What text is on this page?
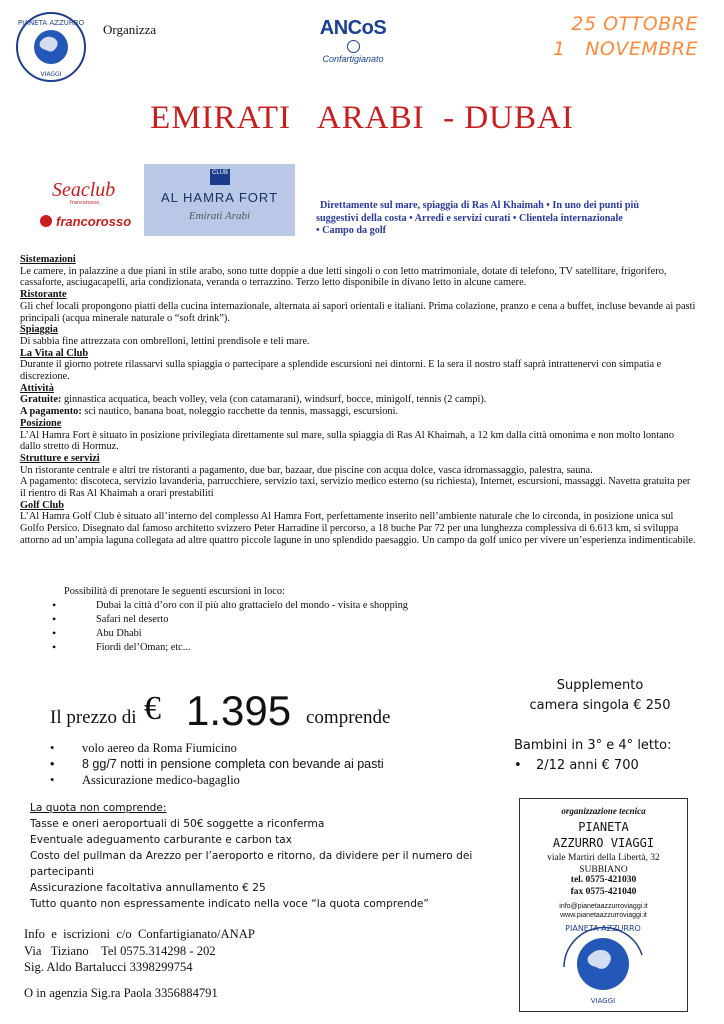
PIANETA AZZURRO
VIAGGI
Organizza	ANCoS
Confartigianato
25 OTTOBRE
1   NOVEMBRE
EMIRATI   ARABI  - DUBAI
Seaclub
francorosso
francorosso
CLUB
AL HAMRA FORT
Emirati Arabi
Direttamente sul mare, spiaggia di Ras Al Khaimah • In uno dei punti più
suggestivi della costa • Arredi e servizi curati • Clientela internazionale
• Campo da golf

Sistemazioni

Le camere, in palazzine a due piani in stile arabo, sono tutte doppie a due letti singoli o con letto matrimoniale, dotate di telefono, TV satellitare, frigorifero, cassaforte, asciugacapelli, aria condizionata, veranda o terrazzino. Terzo letto disponibile in divano letto in alcune camere.

Ristorante

Gli chef locali propongono piatti della cucina internazionale, alternata ai sapori orientali e italiani. Prima colazione, pranzo e cena a buffet, incluse bevande ai pasti principali (acqua minerale naturale o “soft drink”).

Spiaggia

Di sabbia fine attrezzata con ombrelloni, lettini prendisole e teli mare.

La Vita al Club

Durante il giorno potrete rilassarvi sulla spiaggia o partecipare a splendide escursioni nei dintorni. E la sera il nostro staff saprà intrattenervi con simpatia e discrezione.

Attività

Gratuite: ginnastica acquatica, beach volley, vela (con catamarani), windsurf, bocce, minigolf, tennis (2 campi).

A pagamento: sci nautico, banana boat, noleggio racchette da tennis, massaggi, escursioni.

Posizione

L’Al Hamra Fort è situato in posizione privilegiata direttamente sul mare, sulla spiaggia di Ras Al Khaimah, a 12 km dalla città omonima e non molto lontano dallo stretto di Hormuz.

Strutture e servizi

Un ristorante centrale e altri tre ristoranti a pagamento, due bar, bazaar, due piscine con acqua dolce, vasca idromassaggio, palestra, sauna.

A pagamento: discoteca, servizio lavanderia, parrucchiere, servizio taxi, servizio medico esterno (su richiesta), Internet, escursioni, massaggi. Navetta gratuita per il rientro di Ras Al Khaimah a orari prestabiliti

Golf Club

L’Al Hamra Golf Club è situato all’interno del complesso Al Hamra Fort, perfettamente inserito nell’ambiente naturale che lo circonda, in posizione unica sul Golfo Persico. Disegnato dal famoso architetto svizzero Peter Harradine il percorso, a 18 buche Par 72 per una lunghezza complessiva di 6.613 km, si sviluppa attorno ad un’ampia laguna collegata ad altre quattro piccole lagune in uno splendido paesaggio. Un campo da golf unico per vivere un’esperienza indimenticabile.

Possibilità di prenotare le seguenti escursioni in loco:
• Dubai la città d’oro con il più alto grattacielo del mondo - visita e shopping
• Safari nel deserto
• Abu Dhabi
• Fiordi del’Oman; etc...
Il prezzo di € 1.395 comprende
• volo aereo da Roma Fiumicino
• 8 gg/7 notti in pensione completa con bevande ai pasti
• Assicurazione medico-bagaglio
Supplemento
camera singola € 250
Bambini in 3° e 4° letto:
• 2/12 anni € 700
La quota non comprende:
Tasse e oneri aeroportuali di 50€ soggette a riconferma
Eventuale adeguamento carburante e carbon tax
Costo del pullman da Arezzo per l’aeroporto e ritorno, da dividere per il numero dei partecipanti
Assicurazione facoltativa annullamento € 25
Tutto quanto non espressamente indicato nella voce “la quota comprende”
Info  e  iscrizioni  c/o  Confartigianato/ANAP
Via   Tiziano    Tel 0575.314298 - 202
Sig. Aldo Bartalucci 3398299754
O in agenzia Sig.ra Paola 3356884791
organizzazione tecnica
PIANETA
AZZURRO VIAGGI
viale Martiri della Libertà, 32
SUBBIANO
tel. 0575-421030
fax 0575-421040
info@pianetaazzurroviaggi.it
www.pianetaazzurroviaggi.it
PIANETA AZZURRO
VIAGGI
